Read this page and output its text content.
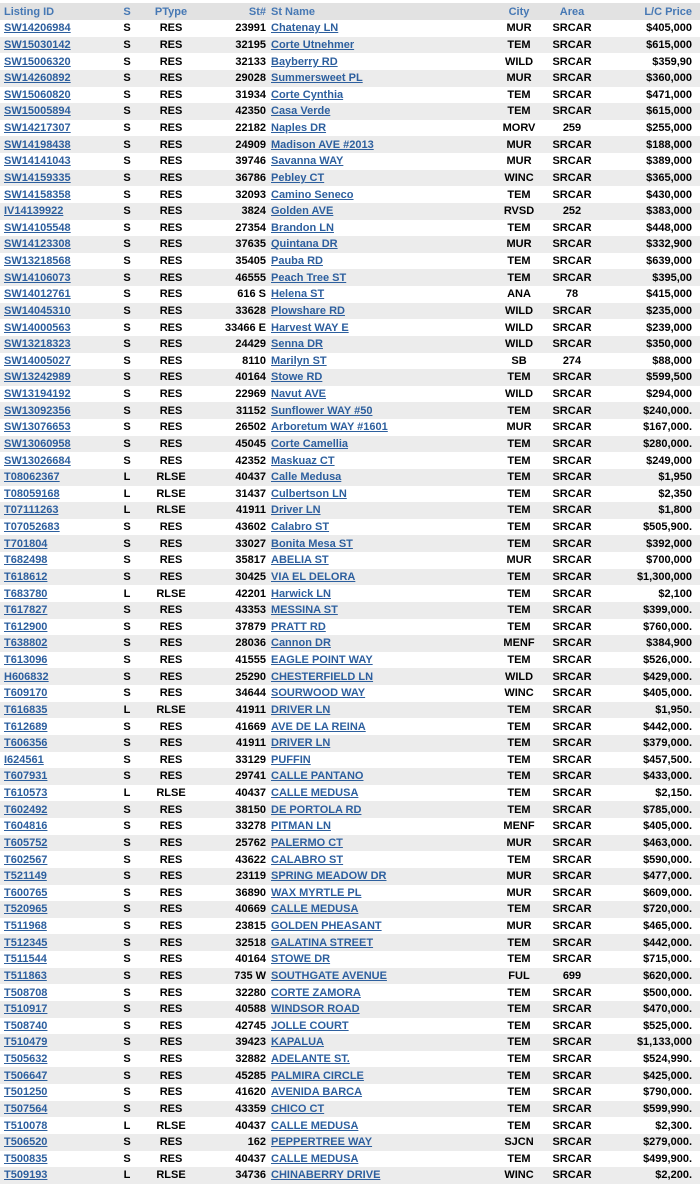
Listing ID	S	PType	St#	St Name	City	Area	L/C Price
SW14206984	S	RES	23991	Chatenay LN	MUR	SRCAR	$405,000
SW15030142	S	RES	32195	Corte Utnehmer	TEM	SRCAR	$615,000
SW15006320	S	RES	32133	Bayberry RD	WILD	SRCAR	$359,90
SW14260892	S	RES	29028	Summersweet PL	MUR	SRCAR	$360,000
SW15060820	S	RES	31934	Corte Cynthia	TEM	SRCAR	$471,000
SW15005894	S	RES	42350	Casa Verde	TEM	SRCAR	$615,000
SW14217307	S	RES	22182	Naples DR	MORV	259	$255,000
SW14198438	S	RES	24909	Madison AVE #2013	MUR	SRCAR	$188,000
SW14141043	S	RES	39746	Savanna WAY	MUR	SRCAR	$389,000
SW14159335	S	RES	36786	Pebley CT	WINC	SRCAR	$365,000
SW14158358	S	RES	32093	Camino Seneco	TEM	SRCAR	$430,000
IV14139922	S	RES	3824	Golden AVE	RVSD	252	$383,000
SW14105548	S	RES	27354	Brandon LN	TEM	SRCAR	$448,000
SW14123308	S	RES	37635	Quintana DR	MUR	SRCAR	$332,900
SW13218568	S	RES	35405	Pauba RD	TEM	SRCAR	$639,000
SW14106073	S	RES	46555	Peach Tree ST	TEM	SRCAR	$395,00
SW14012761	S	RES	616 S	Helena ST	ANA	78	$415,000
SW14045310	S	RES	33628	Plowshare RD	WILD	SRCAR	$235,000
SW14000563	S	RES	33466 E	Harvest WAY E	WILD	SRCAR	$239,000
SW13218323	S	RES	24429	Senna DR	WILD	SRCAR	$350,000
SW14005027	S	RES	8110	Marilyn ST	SB	274	$88,000
SW13242989	S	RES	40164	Stowe RD	TEM	SRCAR	$599,500
SW13194192	S	RES	22969	Navut AVE	WILD	SRCAR	$294,000
SW13092356	S	RES	31152	Sunflower WAY #50	TEM	SRCAR	$240,000.
SW13076653	S	RES	26502	Arboretum WAY #1601	MUR	SRCAR	$167,000.
SW13060958	S	RES	45045	Corte Camellia	TEM	SRCAR	$280,000.
SW13026684	S	RES	42352	Maskuaz CT	TEM	SRCAR	$249,000
T08062367	L	RLSE	40437	Calle Medusa	TEM	SRCAR	$1,950
T08059168	L	RLSE	31437	Culbertson LN	TEM	SRCAR	$2,350
T07111263	L	RLSE	41911	Driver LN	TEM	SRCAR	$1,800
T07052683	S	RES	43602	Calabro ST	TEM	SRCAR	$505,900.
T701804	S	RES	33027	Bonita Mesa ST	TEM	SRCAR	$392,000
T682498	S	RES	35817	ABELIA ST	MUR	SRCAR	$700,000
T618612	S	RES	30425	VIA EL DELORA	TEM	SRCAR	$1,300,000
T683780	L	RLSE	42201	Harwick LN	TEM	SRCAR	$2,100
T617827	S	RES	43353	MESSINA ST	TEM	SRCAR	$399,000.
T612900	S	RES	37879	PRATT RD	TEM	SRCAR	$760,000.
T638802	S	RES	28036	Cannon DR	MENF	SRCAR	$384,900
T613096	S	RES	41555	EAGLE POINT WAY	TEM	SRCAR	$526,000.
H606832	S	RES	25290	CHESTERFIELD LN	WILD	SRCAR	$429,000.
T609170	S	RES	34644	SOURWOOD WAY	WINC	SRCAR	$405,000.
T616835	L	RLSE	41911	DRIVER LN	TEM	SRCAR	$1,950.
T612689	S	RES	41669	AVE DE LA REINA	TEM	SRCAR	$442,000.
T606356	S	RES	41911	DRIVER LN	TEM	SRCAR	$379,000.
I624561	S	RES	33129	PUFFIN	TEM	SRCAR	$457,500.
T607931	S	RES	29741	CALLE PANTANO	TEM	SRCAR	$433,000.
T610573	L	RLSE	40437	CALLE MEDUSA	TEM	SRCAR	$2,150.
T602492	S	RES	38150	DE PORTOLA RD	TEM	SRCAR	$785,000.
T604816	S	RES	33278	PITMAN LN	MENF	SRCAR	$405,000.
T605752	S	RES	25762	PALERMO CT	MUR	SRCAR	$463,000.
T602567	S	RES	43622	CALABRO ST	TEM	SRCAR	$590,000.
T521149	S	RES	23119	SPRING MEADOW DR	MUR	SRCAR	$477,000.
T600765	S	RES	36890	WAX MYRTLE PL	MUR	SRCAR	$609,000.
T520965	S	RES	40669	CALLE MEDUSA	TEM	SRCAR	$720,000.
T511968	S	RES	23815	GOLDEN PHEASANT	MUR	SRCAR	$465,000.
T512345	S	RES	32518	GALATINA STREET	TEM	SRCAR	$442,000.
T511544	S	RES	40164	STOWE DR	TEM	SRCAR	$715,000.
T511863	S	RES	735 W	SOUTHGATE AVENUE	FUL	699	$620,000.
T508708	S	RES	32280	CORTE ZAMORA	TEM	SRCAR	$500,000.
T510917	S	RES	40588	WINDSOR ROAD	TEM	SRCAR	$470,000.
T508740	S	RES	42745	JOLLE COURT	TEM	SRCAR	$525,000.
T510479	S	RES	39423	KAPALUA	TEM	SRCAR	$1,133,000
T505632	S	RES	32882	ADELANTE ST.	TEM	SRCAR	$524,990.
T506647	S	RES	45285	PALMIRA CIRCLE	TEM	SRCAR	$425,000.
T501250	S	RES	41620	AVENIDA BARCA	TEM	SRCAR	$790,000.
T507564	S	RES	43359	CHICO CT	TEM	SRCAR	$599,990.
T510078	L	RLSE	40437	CALLE MEDUSA	TEM	SRCAR	$2,300.
T506520	S	RES	162	PEPPERTREE WAY	SJCN	SRCAR	$279,000.
T500835	S	RES	40437	CALLE MEDUSA	TEM	SRCAR	$499,900.
T509193	L	RLSE	34736	CHINABERRY DRIVE	WINC	SRCAR	$2,200.
